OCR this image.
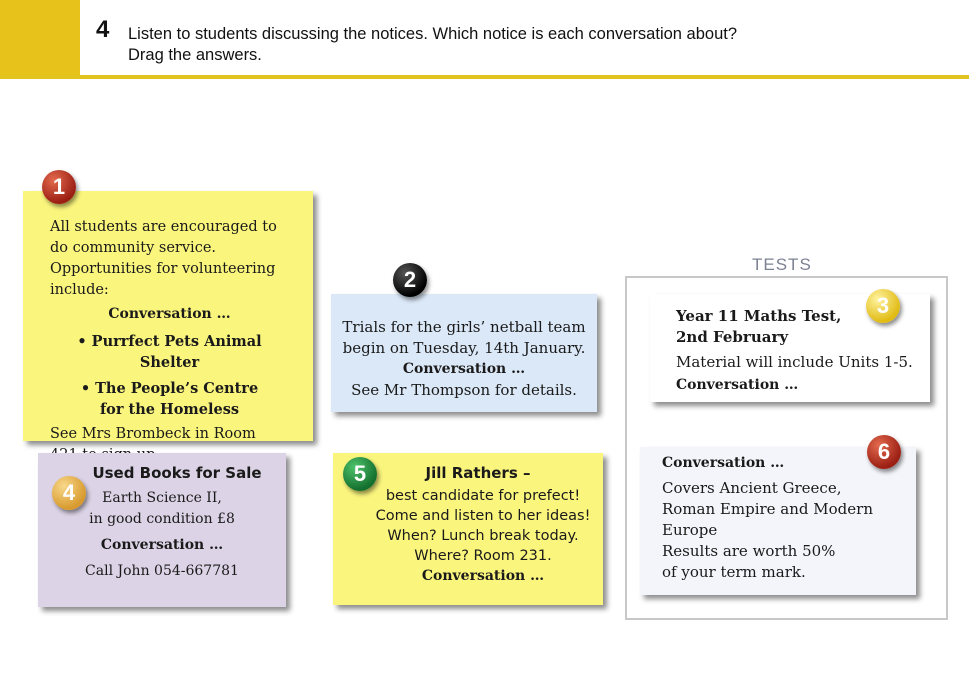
4 Listen to students discussing the notices. Which notice is each conversation about?
Drag the answers.
TESTS
1

All students are encouraged to do community service. Opportunities for volunteering include:

Conversation …

• Purrfect Pets Animal Shelter

• The People’s Centre

for the Homeless

See Mrs Brombeck in Room

2

Trials for the girls’ netball team

begin on Tuesday, 14th January.

Conversation …

See Mr Thompson for details.

3

Year 11 Maths Test,

2nd February

Material will include Units 1-5.

Conversation …

4

Used Books for Sale

Earth Science II,

in good condition £8

Conversation …

Call John 054-667781

5	Jill Rathers –

best candidate for prefect!

Come and listen to her ideas!

When? Lunch break today.

Where? Room 231.

Conversation …

6

Conversation …

Covers Ancient Greece,

Roman Empire and Modern

Europe

Results are worth 50%

of your term mark.
